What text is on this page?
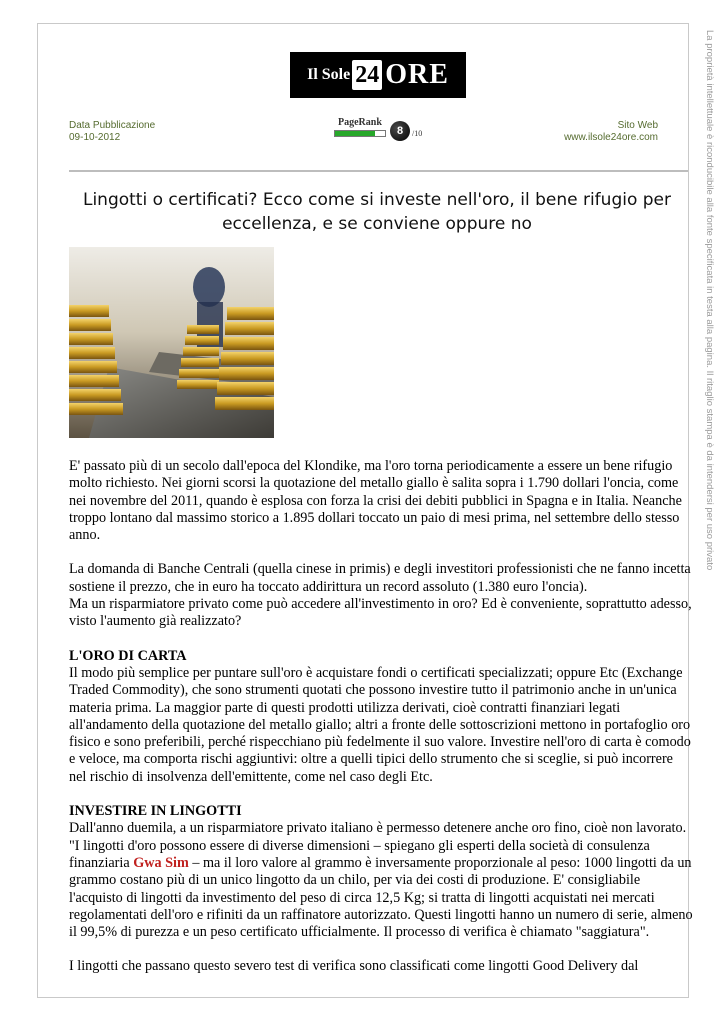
Il Sole 24 ORE
Data Pubblicazione
09-10-2012
PageRank
8	/10
Sito Web
www.ilsole24ore.com
Lingotti o certificati? Ecco come si investe nell'oro, il bene rifugio per eccellenza, e se conviene oppure no

E' passato più di un secolo dall'epoca del Klondike, ma l'oro torna periodicamente a essere un bene rifugio molto richiesto. Nei giorni scorsi la quotazione del metallo giallo è salita sopra i 1.790 dollari l'oncia, come nei novembre del 2011, quando è esplosa con forza la crisi dei debiti pubblici in Spagna e in Italia. Neanche troppo lontano dal massimo storico a 1.895 dollari toccato un paio di mesi prima, nel settembre dello stesso anno.

La domanda di Banche Centrali (quella cinese in primis) e degli investitori professionisti che ne fanno incetta sostiene il prezzo, che in euro ha toccato addirittura un record assoluto (1.380 euro l'oncia).
Ma un risparmiatore privato come può accedere all'investimento in oro? Ed è conveniente, soprattutto adesso, visto l'aumento già realizzato?

L'ORO DI CARTA
Il modo più semplice per puntare sull'oro è acquistare fondi o certificati specializzati; oppure Etc (Exchange Traded Commodity), che sono strumenti quotati che possono investire tutto il patrimonio anche in un'unica materia prima. La maggior parte di questi prodotti utilizza derivati, cioè contratti finanziari legati all'andamento della quotazione del metallo giallo; altri a fronte delle sottoscrizioni mettono in portafoglio oro fisico e sono preferibili, perché rispecchiano più fedelmente il suo valore. Investire nell'oro di carta è comodo e veloce, ma comporta rischi aggiuntivi: oltre a quelli tipici dello strumento che si sceglie, si può incorrere nel rischio di insolvenza dell'emittente, come nel caso degli Etc.

INVESTIRE IN LINGOTTI
Dall'anno duemila, a un risparmiatore privato italiano è permesso detenere anche oro fino, cioè non lavorato. "I lingotti d'oro possono essere di diverse dimensioni – spiegano gli esperti della società di consulenza finanziaria Gwa Sim – ma il loro valore al grammo è inversamente proporzionale al peso: 1000 lingotti da un grammo costano più di un unico lingotto da un chilo, per via dei costi di produzione. E' consigliabile l'acquisto di lingotti da investimento del peso di circa 12,5 Kg; si tratta di lingotti acquistati nei mercati regolamentati dell'oro e rifiniti da un raffinatore autorizzato. Questi lingotti hanno un numero di serie, almeno il 99,5% di purezza e un peso certificato ufficialmente. Il processo di verifica è chiamato "saggiatura".

I lingotti che passano questo severo test di verifica sono classificati come lingotti Good Delivery dal

La proprietà intellettuale è riconducibile alla fonte specificata in testa alla pagina. Il ritaglio stampa è da intendersi per uso privato
